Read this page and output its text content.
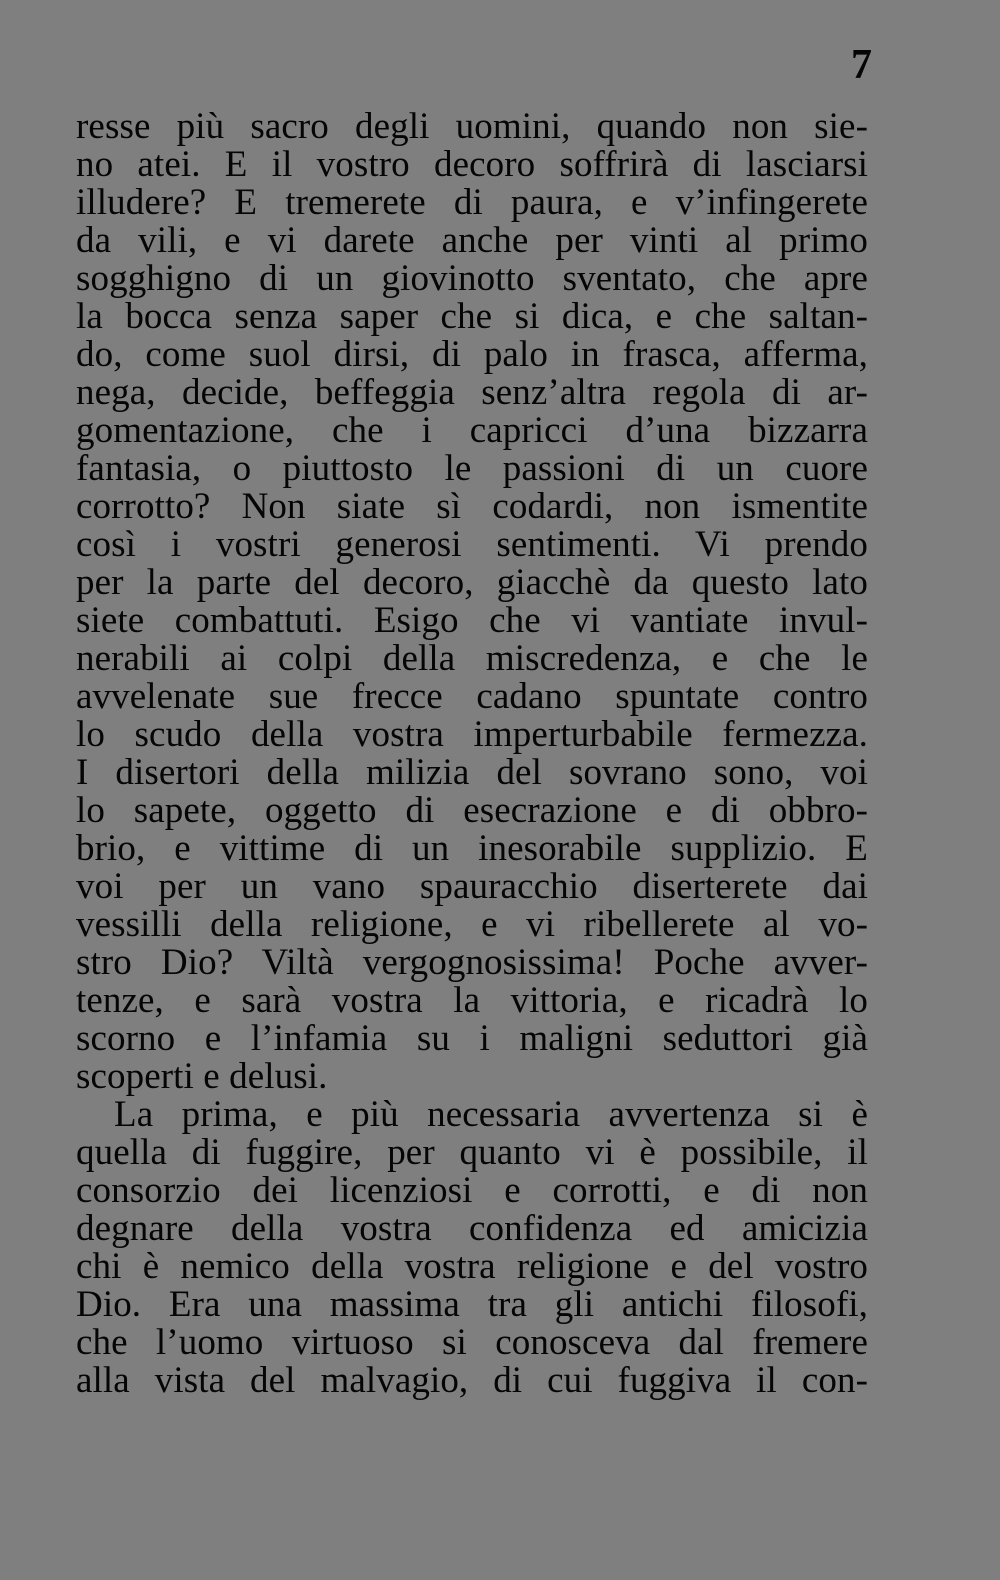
7
resse più sacro degli uomini, quando non sie-
no atei. E il vostro decoro soffrirà di lasciarsi
illudere? E tremerete di paura, e v’infingerete
da vili, e vi darete anche per vinti al primo
sogghigno di un giovinotto sventato, che apre
la bocca senza saper che si dica, e che saltan-
do, come suol dirsi, di palo in frasca, afferma,
nega, decide, beffeggia senz’altra regola di ar-
gomentazione, che i capricci d’una bizzarra
fantasia, o piuttosto le passioni di un cuore
corrotto? Non siate sì codardi, non ismentite
così i vostri generosi sentimenti. Vi prendo
per la parte del decoro, giacchè da questo lato
siete combattuti. Esigo che vi vantiate invul-
nerabili ai colpi della miscredenza, e che le
avvelenate sue frecce cadano spuntate contro
lo scudo della vostra imperturbabile fermezza.
I disertori della milizia del sovrano sono, voi
lo sapete, oggetto di esecrazione e di obbro-
brio, e vittime di un inesorabile supplizio. E
voi per un vano spauracchio diserterete dai
vessilli della religione, e vi ribellerete al vo-
stro Dio? Viltà vergognosissima! Poche avver-
tenze, e sarà vostra la vittoria, e ricadrà lo
scorno e l’infamia su i maligni seduttori già
scoperti e delusi.
La prima, e più necessaria avvertenza si è
quella di fuggire, per quanto vi è possibile, il
consorzio dei licenziosi e corrotti, e di non
degnare della vostra confidenza ed amicizia
chi è nemico della vostra religione e del vostro
Dio. Era una massima tra gli antichi filosofi,
che l’uomo virtuoso si conosceva dal fremere
alla vista del malvagio, di cui fuggiva il con-
